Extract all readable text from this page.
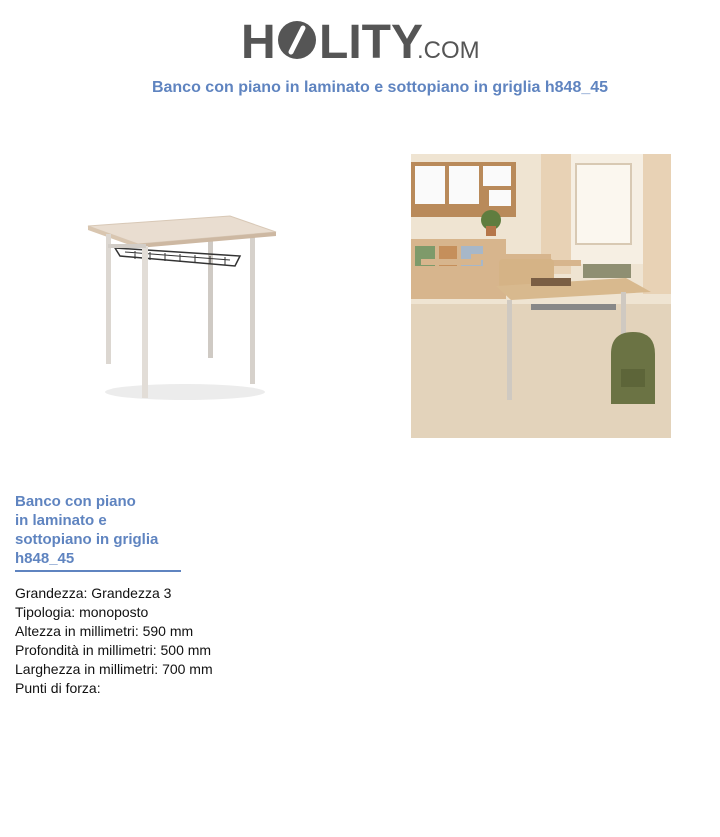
H LITY
.COM
Banco con piano in laminato e sottopiano in griglia h848_45
Banco con piano
in laminato e
sottopiano in griglia
h848_45
Grandezza: Grandezza 3
Tipologia: monoposto
Altezza in millimetri: 590 mm
Profondità in millimetri: 500 mm
Larghezza in millimetri: 700 mm
Punti di forza:
